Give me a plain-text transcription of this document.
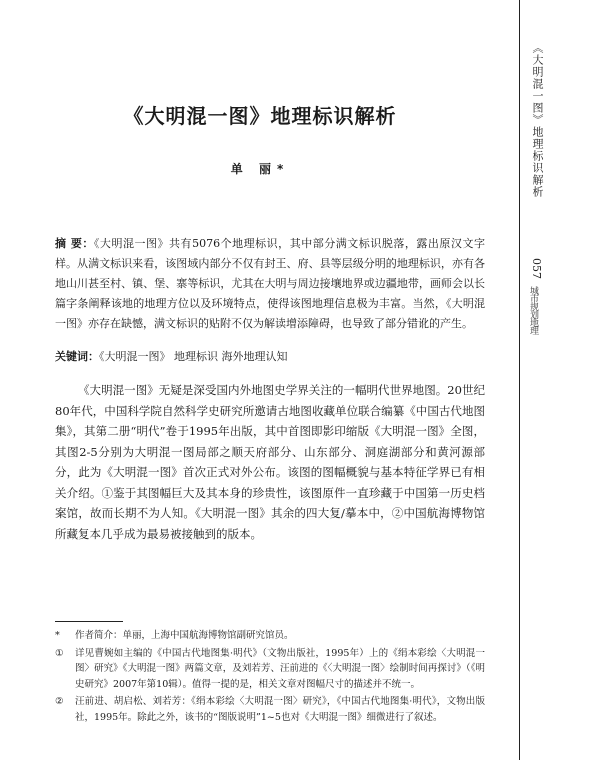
《大明混一图》地理标识解析
057
城市规划地理
《大明混一图》地理标识解析
单 丽*

摘 要：《大明混一图》共有5076个地理标识，其中部分满文标识脱落，露出原汉文字样。从满文标识来看，该图域内部分不仅有封王、府、县等层级分明的地理标识，亦有各地山川甚至村、镇、堡、寨等标识，尤其在大明与周边接壤地界或边疆地带，画师会以长篇字条阐释该地的地理方位以及环境特点，使得该图地理信息极为丰富。当然，《大明混一图》亦存在缺憾，满文标识的贴附不仅为解读增添障碍，也导致了部分错讹的产生。

关键词：《大明混一图》 地理标识 海外地理认知

《大明混一图》无疑是深受国内外地图史学界关注的一幅明代世界地图。20世纪80年代，中国科学院自然科学史研究所邀请古地图收藏单位联合编纂《中国古代地图集》，其第二册“明代”卷于1995年出版，其中首图即影印缩版《大明混一图》全图，其图2-5分别为大明混一图局部之顺天府部分、山东部分、洞庭湖部分和黄河源部分，此为《大明混一图》首次正式对外公布。该图的图幅概貌与基本特征学界已有相关介绍。①鉴于其图幅巨大及其本身的珍贵性，该图原件一直珍藏于中国第一历史档案馆，故而长期不为人知。《大明混一图》其余的四大复/摹本中，②中国航海博物馆所藏复本几乎成为最易被接触到的版本。

*	作者简介：单丽，上海中国航海博物馆副研究馆员。
①	详见曹婉如主编的《中国古代地图集·明代》（文物出版社，1995年）上的《绢本彩绘〈大明混一图〉研究》《大明混一图》两篇文章，及刘若芳、汪前进的《〈大明混一图〉绘制时间再探讨》（《明史研究》2007年第10辑）。值得一提的是，相关文章对图幅尺寸的描述并不统一。
②	汪前进、胡启松、刘若芳：《绢本彩绘〈大明混一图〉研究》，《中国古代地图集·明代》，文物出版社，1995年。除此之外，该书的“图版说明”1~5也对《大明混一图》细微进行了叙述。
